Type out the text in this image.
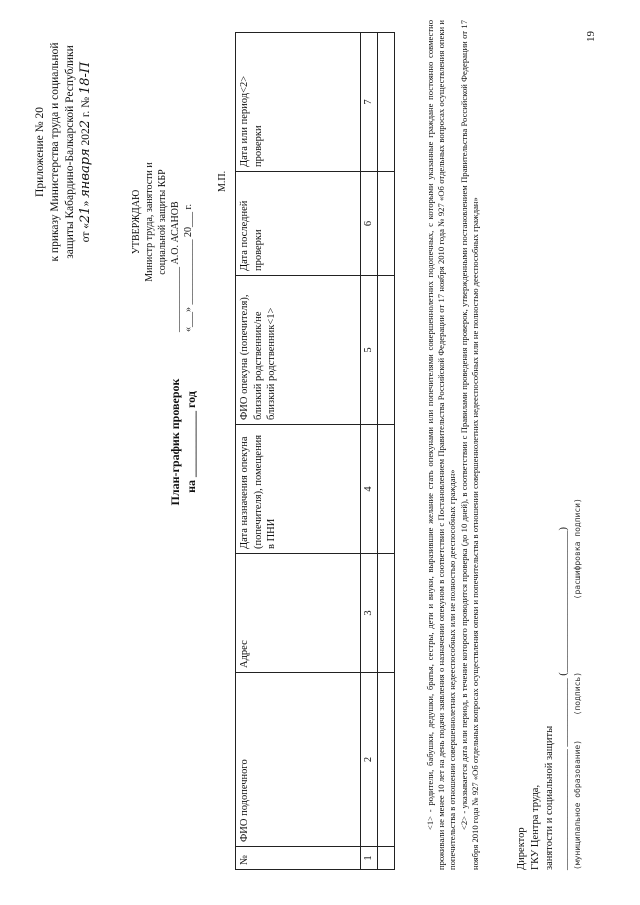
Приложение № 20 к приказу Министерства труда и социальной защиты Кабардино-Балкарской Республики от «21» января 2022 г. № 18-П
УТВЕРЖДАЮ Министр труда, занятости и социальной защиты КБР _____________ А.О. АСАНОВ «___» _____________ 20___ г.
План-график проверок на ___________ год
М.П.
№	ФИО подопечного	Адрес	Дата назначения опекуна (попечителя), помещения в ПНИ	ФИО опекуна (попечителя), близкий родственник/не близкий родственник<1>	Дата последней проверки	Дата или период<2> проверки
1	2	3	4	5	6	7
							<1> - родители, бабушки, дедушки, братья, сестры, дети и внуки, выразившие желание стать опекунами или попечителями совершеннолетних подопечных, с которыми указанные граждане постоянно совместно проживали не менее 10 лет на день подачи заявления о назначении опекуном в соответствии с Постановлением Правительства Российской Федерации от 17 ноября 2010 года № 927 «Об отдельных вопросах осуществления опеки и попечительства в отношении совершеннолетних недееспособных или не полностью дееспособных граждан» <2> - указывается дата или период, в течение которого проводится проверка (до 10 дней), в соответствии с Правилами проведения проверок, утвержденными постановлением Правительства Российской Федерации от 17 ноября 2010 года № 927 «Об отдельных вопросах осуществления опеки и попечительства в отношении совершеннолетних недееспособных или не полностью дееспособных граждан»	Директор ГКУ Центра труда, занятости и социальной защиты _______________________ _____________ (___________________________) (муниципальное образование) (подпись) (расшифровка подписи)
19
